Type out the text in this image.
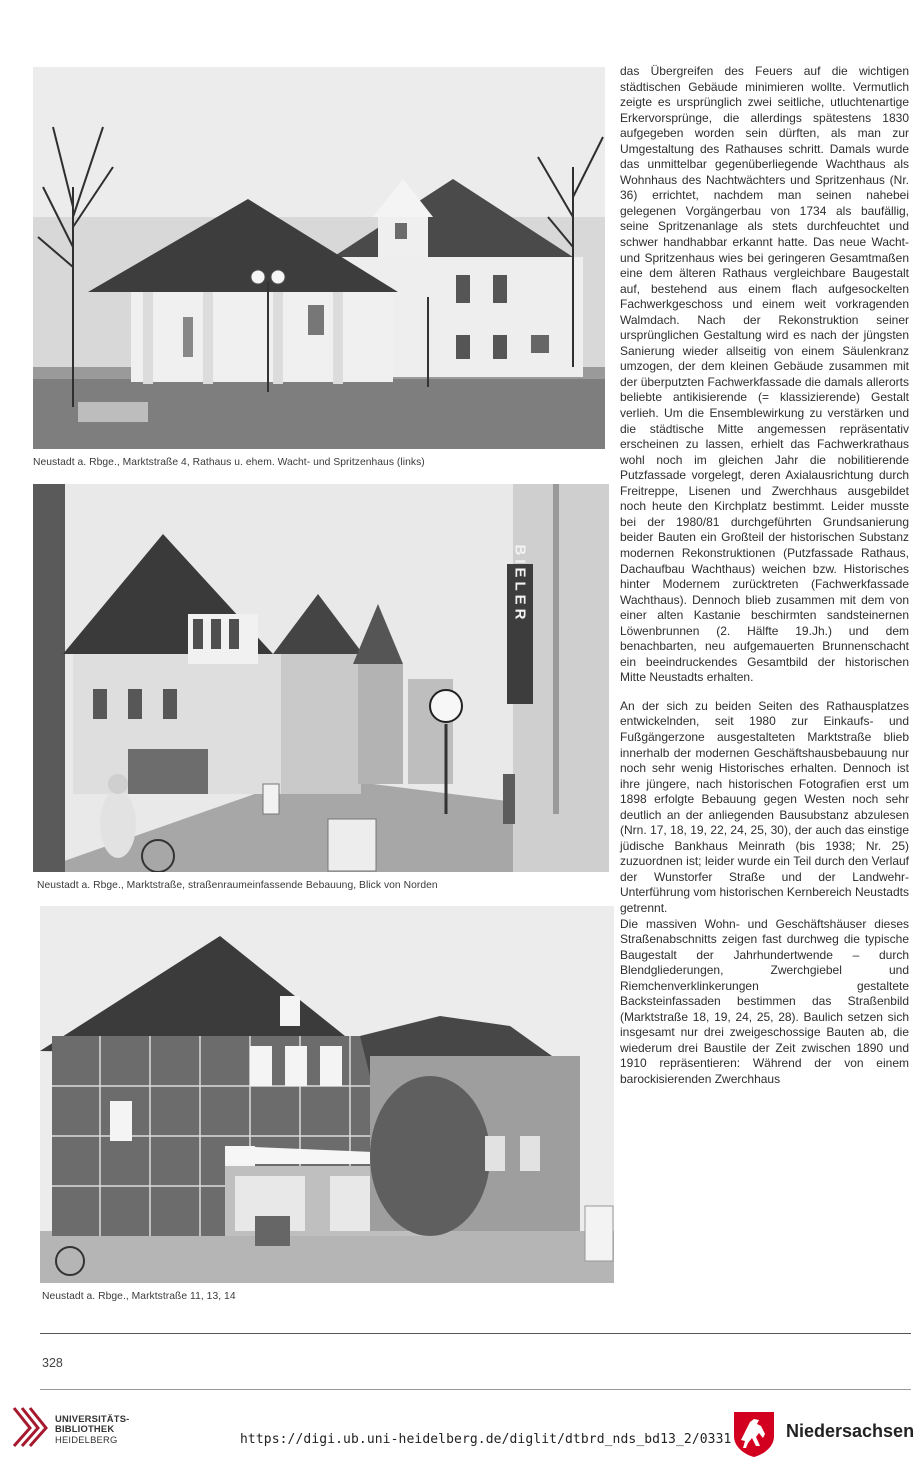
Neustadt a. Rbge., Marktstraße 4, Rathaus u. ehem. Wacht- und Spritzenhaus (links)
BIELER
Neustadt a. Rbge., Marktstraße, straßenraumeinfassende Bebauung, Blick von Norden
Neustadt a. Rbge., Marktstraße 11, 13, 14

das Übergreifen des Feuers auf die wichtigen städtischen Gebäude minimieren wollte. Vermutlich zeigte es ursprünglich zwei seitliche, utluchtenartige Erkervorsprünge, die allerdings spätestens 1830 aufgegeben worden sein dürften, als man zur Umgestaltung des Rathauses schritt. Damals wurde das unmittelbar gegenüberliegende Wachthaus als Wohnhaus des Nachtwächters und Spritzenhaus (Nr. 36) errichtet, nachdem man seinen nahebei gelegenen Vorgängerbau von 1734 als baufällig, seine Spritzenanlage als stets durchfeuchtet und schwer handhabbar erkannt hatte. Das neue Wacht- und Spritzenhaus wies bei geringeren Gesamtmaßen eine dem älteren Rathaus vergleichbare Baugestalt auf, bestehend aus einem flach aufgesockelten Fachwerkgeschoss und einem weit vorkragenden Walmdach. Nach der Rekonstruktion seiner ursprünglichen Gestaltung wird es nach der jüngsten Sanierung wieder allseitig von einem Säulenkranz umzogen, der dem kleinen Gebäude zusammen mit der überputzten Fachwerkfassade die damals allerorts beliebte antikisierende (= klassizierende) Gestalt verlieh. Um die Ensemblewirkung zu verstärken und die städtische Mitte angemessen repräsentativ erscheinen zu lassen, erhielt das Fachwerkrathaus wohl noch im gleichen Jahr die nobilitierende Putzfassade vorgelegt, deren Axialausrichtung durch Freitreppe, Lisenen und Zwerchhaus ausgebildet noch heute den Kirchplatz bestimmt. Leider musste bei der 1980/81 durchgeführten Grundsanierung beider Bauten ein Großteil der historischen Substanz modernen Rekonstruktionen (Putzfassade Rathaus, Dachaufbau Wachthaus) weichen bzw. Historisches hinter Modernem zurücktreten (Fachwerkfassade Wachthaus). Dennoch blieb zusammen mit dem von einer alten Kastanie beschirmten sandsteinernen Löwenbrunnen (2. Hälfte 19.Jh.) und dem benachbarten, neu aufgemauerten Brunnenschacht ein beeindruckendes Gesamtbild der historischen Mitte Neustadts erhalten.

An der sich zu beiden Seiten des Rathausplatzes entwickelnden, seit 1980 zur Einkaufs- und Fußgängerzone ausgestalteten Marktstraße blieb innerhalb der modernen Geschäftshausbebauung nur noch sehr wenig Historisches erhalten. Dennoch ist ihre jüngere, nach historischen Fotografien erst um 1898 erfolgte Bebauung gegen Westen noch sehr deutlich an der anliegenden Bausubstanz abzulesen (Nrn. 17, 18, 19, 22, 24, 25, 30), der auch das einstige jüdische Bankhaus Meinrath (bis 1938; Nr. 25) zuzuordnen ist; leider wurde ein Teil durch den Verlauf der Wunstorfer Straße und der Landwehr-Unterführung vom historischen Kernbereich Neustadts getrennt.

Die massiven Wohn- und Geschäftshäuser dieses Straßenabschnitts zeigen fast durchweg die typische Baugestalt der Jahrhundertwende – durch Blendgliederungen, Zwerchgiebel und Riemchenverklinkerungen gestaltete Backsteinfassaden bestimmen das Straßenbild (Marktstraße 18, 19, 24, 25, 28). Baulich setzen sich insgesamt nur drei zweigeschossige Bauten ab, die wiederum drei Baustile der Zeit zwischen 1890 und 1910 repräsentieren: Während der von einem barockisierenden Zwerchhaus

328
UNIVERSITÄTS-
BIBLIOTHEK
HEIDELBERG	https://digi.ub.uni-heidelberg.de/diglit/dtbrd_nds_bd13_2/0331	Niedersachsen
